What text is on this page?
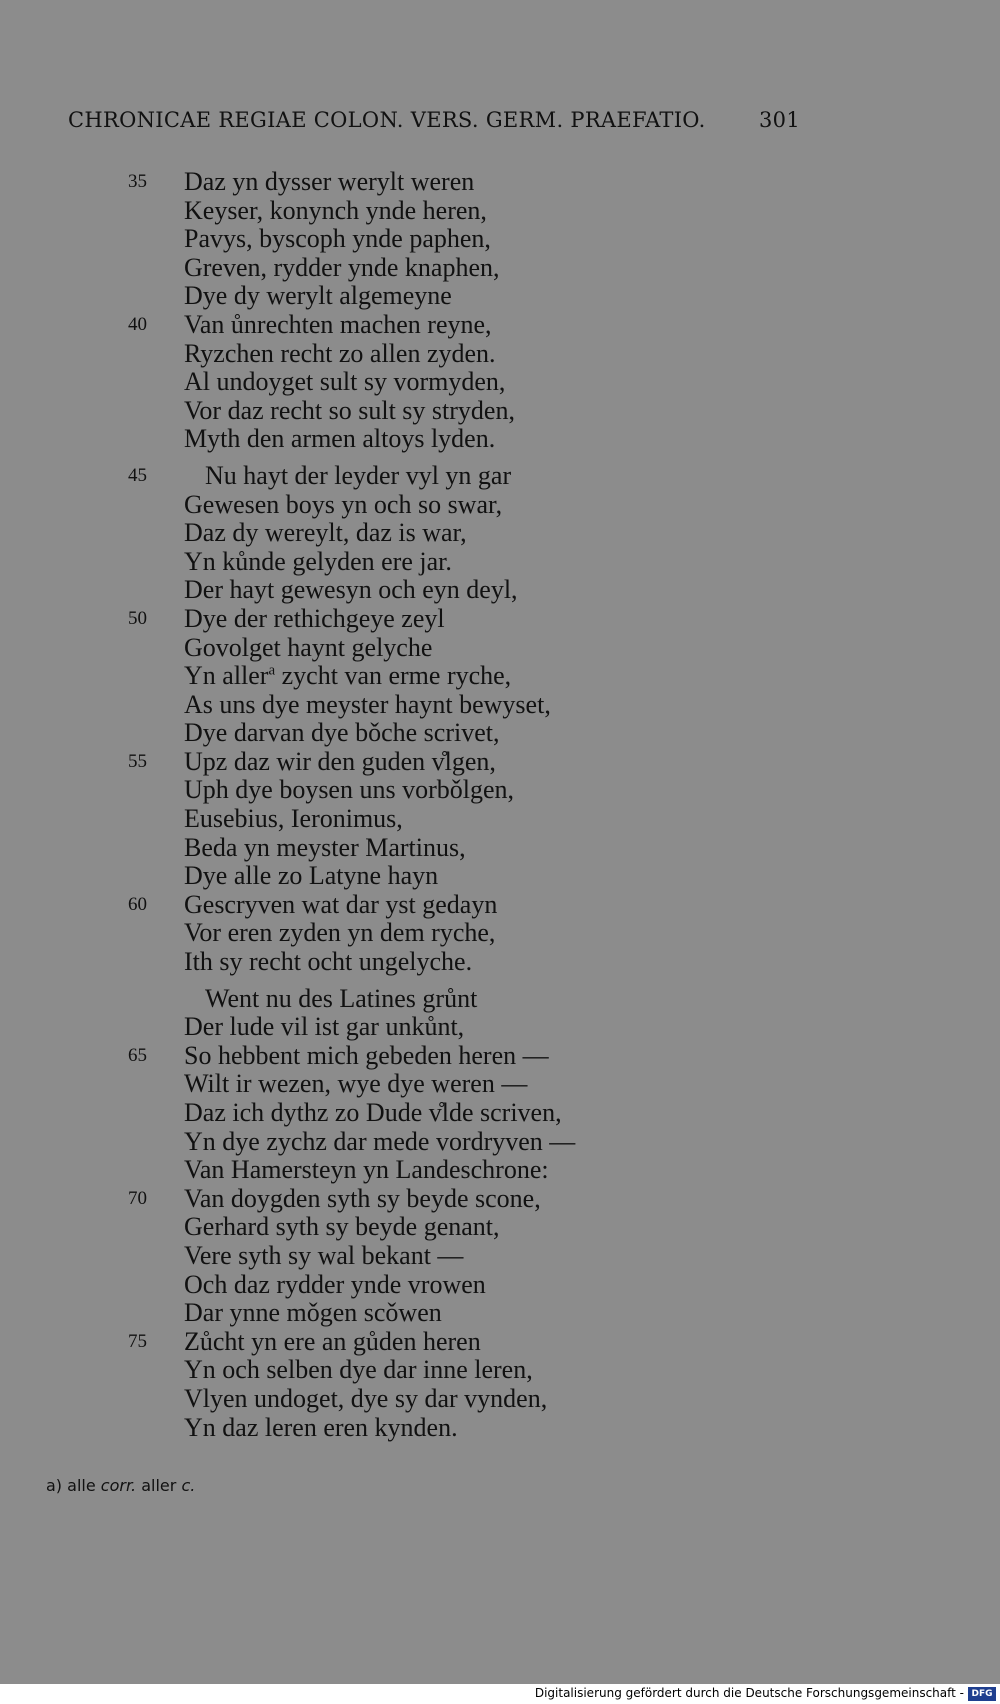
CHRONICAE REGIAE COLON. VERS. GERM. PRAEFATIO.	301
35	Daz yn dysser werylt weren
Keyser, konynch ynde heren,
Pavys, byscoph ynde paphen,
Greven, rydder ynde knaphen,
Dye dy werylt algemeyne
40	Van ůnrechten machen reyne,
Ryzchen recht zo allen zyden.
Al undoyget sult sy vormyden,
Vor daz recht so sult sy stryden,
Myth den armen altoys lyden.
45	Nu hayt der leyder vyl yn gar
Gewesen boys yn och so swar,
Daz dy wereylt, daz is war,
Yn kůnde gelyden ere jar.
Der hayt gewesyn och eyn deyl,
50	Dye der rethichgeye zeyl
Govolget haynt gelyche
Yn aller$^a$ zycht van erme ryche,
As uns dye meyster haynt bewyset,
Dye darvan dye bǒche scrivet,
55	Upz daz wir den guden v̊lgen,
Uph dye boysen uns vorbǒlgen,
Eusebius, Ieronimus,
Beda yn meyster Martinus,
Dye alle zo Latyne hayn
60	Gescryven wat dar yst gedayn
Vor eren zyden yn dem ryche,
Ith sy recht ocht ungelyche.
Went nu des Latines grůnt
Der lude vil ist gar unkůnt,
65	So hebbent mich gebeden heren —
Wilt ir wezen, wye dye weren —
Daz ich dythz zo Dude v̊lde scriven,
Yn dye zychz dar mede vordryven —
Van Hamersteyn yn Landeschrone:
70	Van doygden syth sy beyde scone,
Gerhard syth sy beyde genant,
Vere syth sy wal bekant —
Och daz rydder ynde vrowen
Dar ynne mǒgen scǒwen
75	Zůcht yn ere an gůden heren
Yn och selben dye dar inne leren,
Vlyen undoget, dye sy dar vynden,
Yn daz leren eren kynden.
a) alle corr. aller c.
Digitalisierung gefördert durch die Deutsche Forschungsgemeinschaft - DFG
